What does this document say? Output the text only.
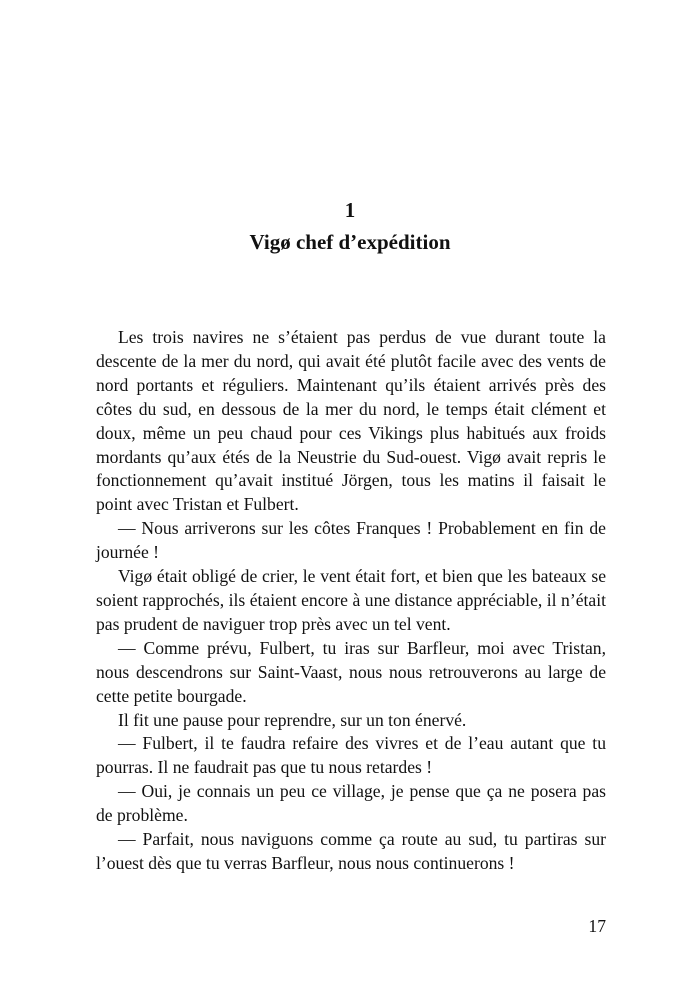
1
Vigø chef d’expédition

Les trois navires ne s’étaient pas perdus de vue durant toute la descente de la mer du nord, qui avait été plutôt facile avec des vents de nord portants et réguliers. Maintenant qu’ils étaient arrivés près des côtes du sud, en dessous de la mer du nord, le temps était clément et doux, même un peu chaud pour ces Vikings plus habitués aux froids mordants qu’aux étés de la Neustrie du Sud-ouest. Vigø avait repris le fonctionnement qu’avait institué Jörgen, tous les matins il faisait le point avec Tristan et Fulbert.

— Nous arriverons sur les côtes Franques ! Probablement en fin de journée !

Vigø était obligé de crier, le vent était fort, et bien que les bateaux se soient rapprochés, ils étaient encore à une distance appréciable, il n’était pas prudent de naviguer trop près avec un tel vent.

— Comme prévu, Fulbert, tu iras sur Barfleur, moi avec Tristan, nous descendrons sur Saint-Vaast, nous nous retrouverons au large de cette petite bourgade.

Il fit une pause pour reprendre, sur un ton énervé.

— Fulbert, il te faudra refaire des vivres et de l’eau autant que tu pourras. Il ne faudrait pas que tu nous retardes !

— Oui, je connais un peu ce village, je pense que ça ne posera pas de problème.

— Parfait, nous naviguons comme ça route au sud, tu partiras sur l’ouest dès que tu verras Barfleur, nous nous continuerons !

17
